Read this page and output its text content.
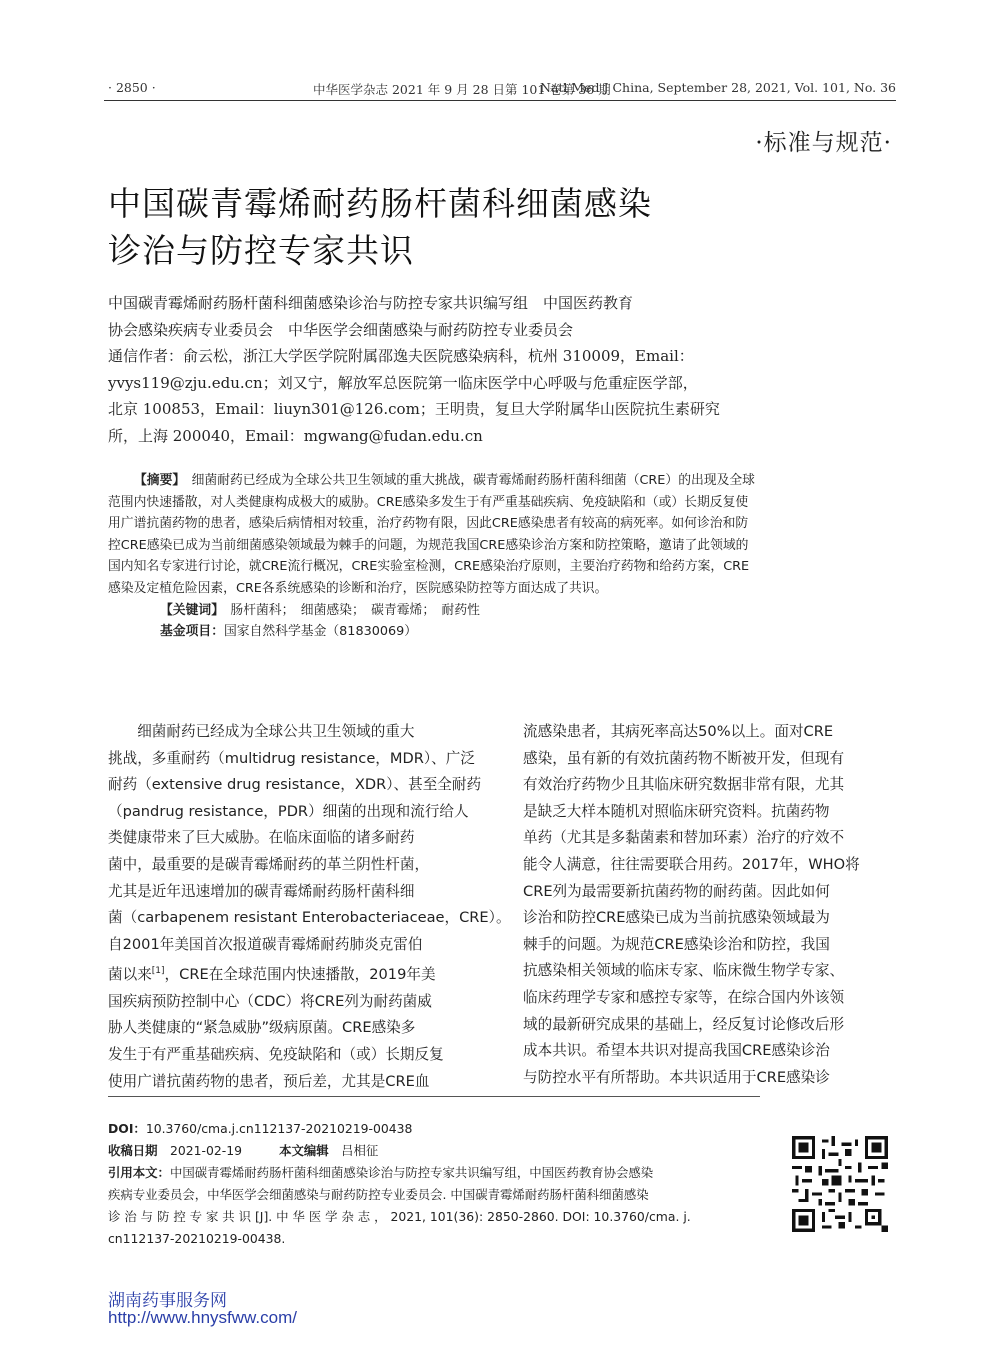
· 2850 ·	中华医学杂志 2021 年 9 月 28 日第 101 卷第 36 期
Natl Med J China, September 28, 2021, Vol. 101, No. 36
·标准与规范·
中国碳青霉烯耐药肠杆菌科细菌感染
诊治与防控专家共识
中国碳青霉烯耐药肠杆菌科细菌感染诊治与防控专家共识编写组　中国医药教育
协会感染疾病专业委员会　中华医学会细菌感染与耐药防控专业委员会
通信作者：俞云松，浙江大学医学院附属邵逸夫医院感染病科，杭州 310009，Email：
yvys119@zju.edu.cn；刘又宁，解放军总医院第一临床医学中心呼吸与危重症医学部，
北京 100853，Email：liuyn301@126.com；王明贵，复旦大学附属华山医院抗生素研究
所，上海 200040，Email：mgwang@fudan.edu.cn

【摘要】　 细菌耐药已经成为全球公共卫生领域的重大挑战，碳青霉烯耐药肠杆菌科细菌（CRE）的出现及全球范围内快速播散，对人类健康构成极大的威胁。CRE感染多发生于有严重基础疾病、免疫缺陷和（或）长期反复使用广谱抗菌药物的患者，感染后病情相对较重，治疗药物有限，因此CRE感染患者有较高的病死率。如何诊治和防控CRE感染已成为当前细菌感染领域最为棘手的问题，为规范我国CRE感染诊治方案和防控策略，邀请了此领域的国内知名专家进行讨论，就CRE流行概况，CRE实验室检测，CRE感染治疗原则，主要治疗药物和给药方案，CRE感染及定植危险因素，CRE各系统感染的诊断和治疗，医院感染防控等方面达成了共识。

【关键词】　 肠杆菌科；　细菌感染；　碳青霉烯；　耐药性

基金项目：国家自然科学基金（81830069）

　　细菌耐药已经成为全球公共卫生领域的重大
挑战，多重耐药（multidrug resistance，MDR）、广泛
耐药（extensive drug resistance，XDR）、甚至全耐药
（pandrug resistance，PDR）细菌的出现和流行给人
类健康带来了巨大威胁。在临床面临的诸多耐药
菌中，最重要的是碳青霉烯耐药的革兰阴性杆菌，
尤其是近年迅速增加的碳青霉烯耐药肠杆菌科细
菌（carbapenem resistant Enterobacteriaceae，CRE）。
自2001年美国首次报道碳青霉烯耐药肺炎克雷伯
菌以来[1]，CRE在全球范围内快速播散，2019年美
国疾病预防控制中心（CDC）将CRE列为耐药菌威
胁人类健康的“紧急威胁”级病原菌。CRE感染多
发生于有严重基础疾病、免疫缺陷和（或）长期反复
使用广谱抗菌药物的患者，预后差，尤其是CRE血
流感染患者，其病死率高达50%以上。面对CRE
感染，虽有新的有效抗菌药物不断被开发，但现有
有效治疗药物少且其临床研究数据非常有限，尤其
是缺乏大样本随机对照临床研究资料。抗菌药物
单药（尤其是多黏菌素和替加环素）治疗的疗效不
能令人满意，往往需要联合用药。2017年，WHO将
CRE列为最需要新抗菌药物的耐药菌。因此如何
诊治和防控CRE感染已成为当前抗感染领域最为
棘手的问题。为规范CRE感染诊治和防控，我国
抗感染相关领域的临床专家、临床微生物学专家、
临床药理学专家和感控专家等，在综合国内外该领
域的最新研究成果的基础上，经反复讨论修改后形
成本共识。希望本共识对提高我国CRE感染诊治
与防控水平有所帮助。本共识适用于CRE感染诊
DOI：10.3760/cma.j.cn112137-20210219-00438
收稿日期　 2021-02-19　　　	本文编辑　 吕相征
引用本文：中国碳青霉烯耐药肠杆菌科细菌感染诊治与防控专家共识编写组，中国医药教育协会感染
疾病专业委员会，中华医学会细菌感染与耐药防控专业委员会. 中国碳青霉烯耐药肠杆菌科细菌感染
诊 治 与 防 控 专 家 共 识 [J]. 中 华 医 学 杂 志 ， 2021, 101(36): 2850-2860. DOI: 10.3760/cma. j.
cn112137-20210219-00438.
湖南药事服务网
http://www.hnysfww.com/
